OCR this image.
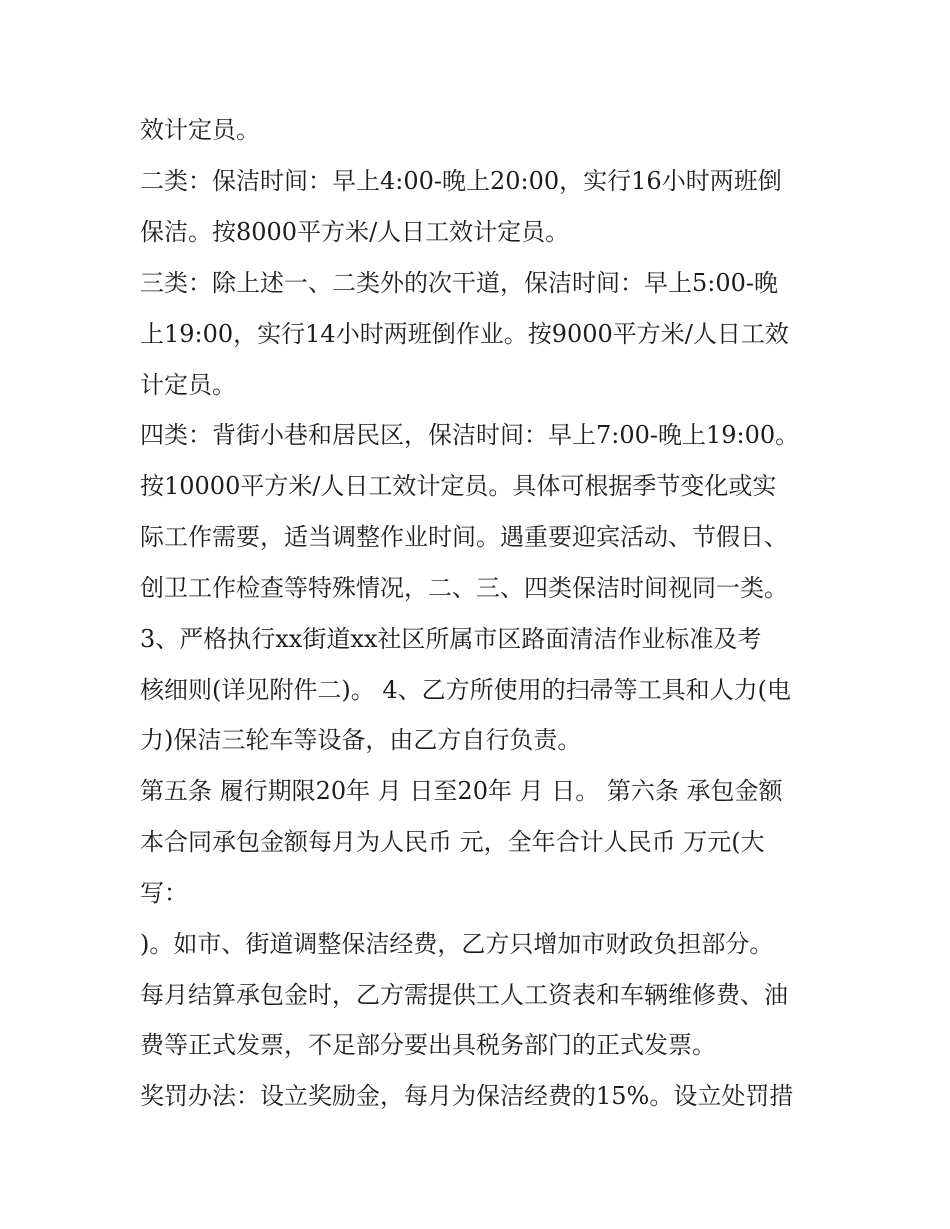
效计定员。

二类：保洁时间：早上4:00-晚上20:00，实行16小时两班倒

保洁。按8000平方米/人日工效计定员。

三类：除上述一、二类外的次干道，保洁时间：早上5:00-晚

上19:00，实行14小时两班倒作业。按9000平方米/人日工效

计定员。

四类：背街小巷和居民区，保洁时间：早上7:00-晚上19:00。

按10000平方米/人日工效计定员。具体可根据季节变化或实

际工作需要，适当调整作业时间。遇重要迎宾活动、节假日、

创卫工作检查等特殊情况，二、三、四类保洁时间视同一类。

3、严格执行xx街道xx社区所属市区路面清洁作业标准及考

核细则(详见附件二)。 4、乙方所使用的扫帚等工具和人力(电

力)保洁三轮车等设备，由乙方自行负责。

第五条 履行期限20年 月 日至20年 月 日。 第六条 承包金额

本合同承包金额每月为人民币 元，全年合计人民币 万元(大

写：

)。如市、街道调整保洁经费，乙方只增加市财政负担部分。

每月结算承包金时，乙方需提供工人工资表和车辆维修费、油

费等正式发票，不足部分要出具税务部门的正式发票。

奖罚办法：设立奖励金，每月为保洁经费的15%。设立处罚措
